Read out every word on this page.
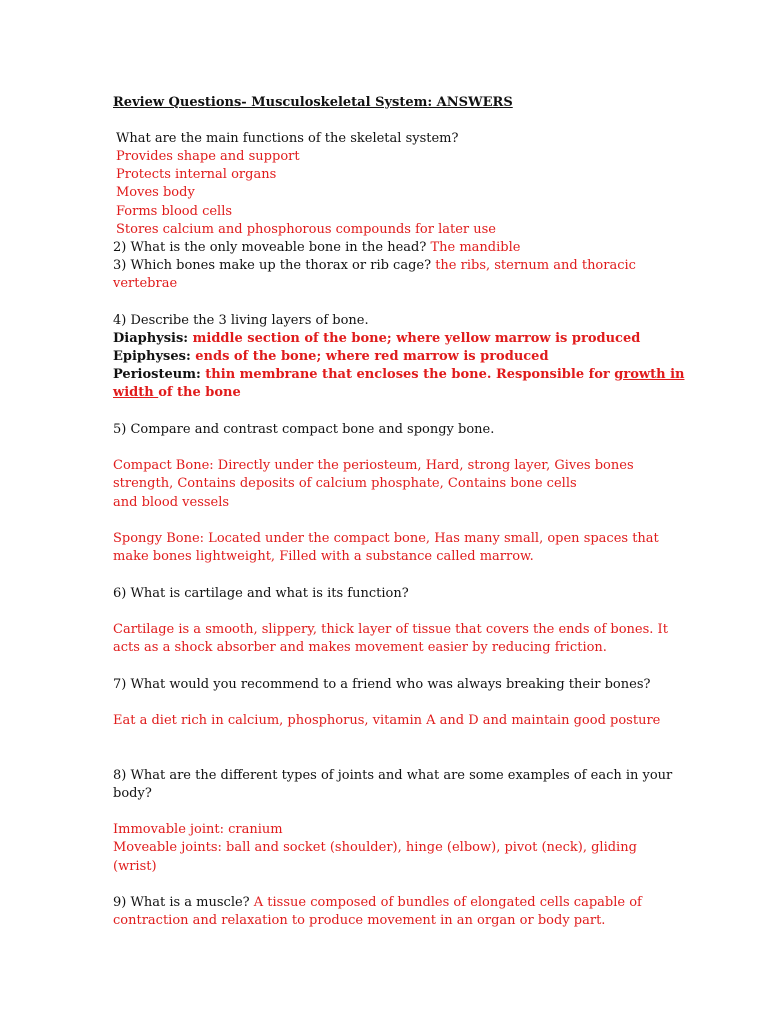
Review Questions- Musculoskeletal System: ANSWERS
What are the main functions of the skeletal system?
Provides shape and support
Protects internal organs
Moves body
Forms blood cells
Stores calcium and phosphorous compounds for later use
2) What is the only moveable bone in the head? The mandible
3) Which bones make up the thorax or rib cage? the ribs, sternum and thoracic
vertebrae
4) Describe the 3 living layers of bone.
Diaphysis: middle section of the bone; where yellow marrow is produced
Epiphyses: ends of the bone; where red marrow is produced
Periosteum: thin membrane that encloses the bone. Responsible for growth in
width of the bone
5) Compare and contrast compact bone and spongy bone.
Compact Bone: Directly under the periosteum, Hard, strong layer, Gives bones
strength, Contains deposits of calcium phosphate, Contains bone cells
and blood vessels
Spongy Bone: Located under the compact bone, Has many small, open spaces that
make bones lightweight, Filled with a substance called marrow.
6) What is cartilage and what is its function?
Cartilage is a smooth, slippery, thick layer of tissue that covers the ends of bones. It
acts as a shock absorber and makes movement easier by reducing friction.
7) What would you recommend to a friend who was always breaking their bones?
Eat a diet rich in calcium, phosphorus, vitamin A and D and maintain good posture
8) What are the different types of joints and what are some examples of each in your
body?
Immovable joint: cranium
Moveable joints: ball and socket (shoulder), hinge (elbow), pivot (neck), gliding
(wrist)
9) What is a muscle? A tissue composed of bundles of elongated cells capable of
contraction and relaxation to produce movement in an organ or body part.
